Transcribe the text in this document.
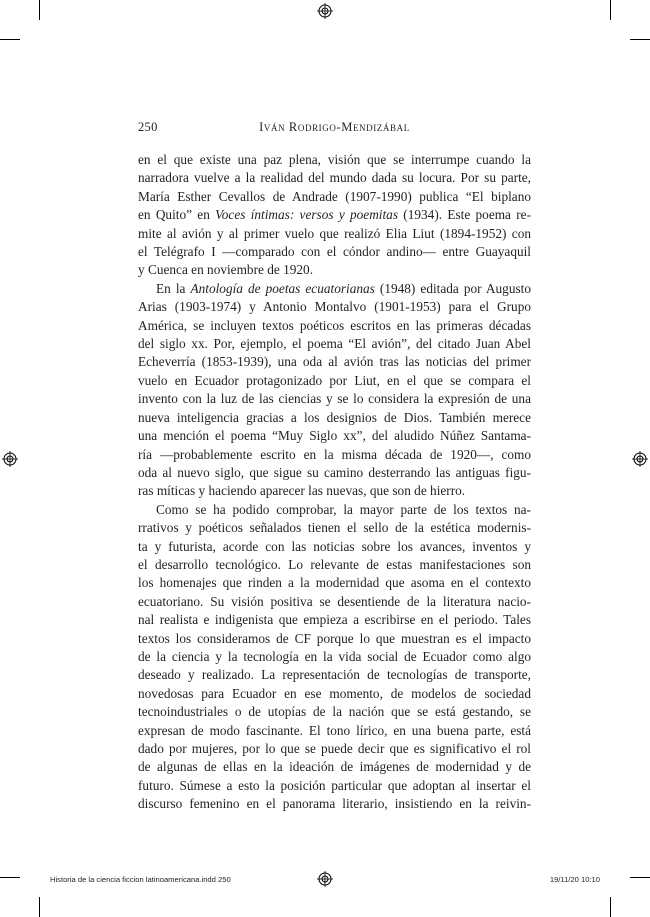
250	Iván Rodrigo-Mendizábal

en el que existe una paz plena, visión que se interrumpe cuando la

narradora vuelve a la realidad del mundo dada su locura. Por su parte,

María Esther Cevallos de Andrade (1907-1990) publica “El biplano

en Quito” en Voces íntimas: versos y poemitas (1934). Este poema re-

mite al avión y al primer vuelo que realizó Elia Liut (1894-1952) con

el Telégrafo I —comparado con el cóndor andino— entre Guayaquil

y Cuenca en noviembre de 1920.

En la Antología de poetas ecuatorianas (1948) editada por Augusto

Arias (1903-1974) y Antonio Montalvo (1901-1953) para el Grupo

América, se incluyen textos poéticos escritos en las primeras décadas

del siglo xx. Por, ejemplo, el poema “El avión”, del citado Juan Abel

Echeverría (1853-1939), una oda al avión tras las noticias del primer

vuelo en Ecuador protagonizado por Liut, en el que se compara el

invento con la luz de las ciencias y se lo considera la expresión de una

nueva inteligencia gracias a los designios de Dios. También merece

una mención el poema “Muy Siglo xx”, del aludido Núñez Santama-

ría —probablemente escrito en la misma década de 1920—, como

oda al nuevo siglo, que sigue su camino desterrando las antiguas figu-

ras míticas y haciendo aparecer las nuevas, que son de hierro.

Como se ha podido comprobar, la mayor parte de los textos na-

rrativos y poéticos señalados tienen el sello de la estética modernis-

ta y futurista, acorde con las noticias sobre los avances, inventos y

el desarrollo tecnológico. Lo relevante de estas manifestaciones son

los homenajes que rinden a la modernidad que asoma en el contexto

ecuatoriano. Su visión positiva se desentiende de la literatura nacio-

nal realista e indigenista que empieza a escribirse en el periodo. Tales

textos los consideramos de CF porque lo que muestran es el impacto

de la ciencia y la tecnología en la vida social de Ecuador como algo

deseado y realizado. La representación de tecnologías de transporte,

novedosas para Ecuador en ese momento, de modelos de sociedad

tecnoindustriales o de utopías de la nación que se está gestando, se

expresan de modo fascinante. El tono lírico, en una buena parte, está

dado por mujeres, por lo que se puede decir que es significativo el rol

de algunas de ellas en la ideación de imágenes de modernidad y de

futuro. Súmese a esto la posición particular que adoptan al insertar el

discurso femenino en el panorama literario, insistiendo en la reivin-

Historia de la ciencia ficcion latinoamericana.indd 250	19/11/20 10:10
